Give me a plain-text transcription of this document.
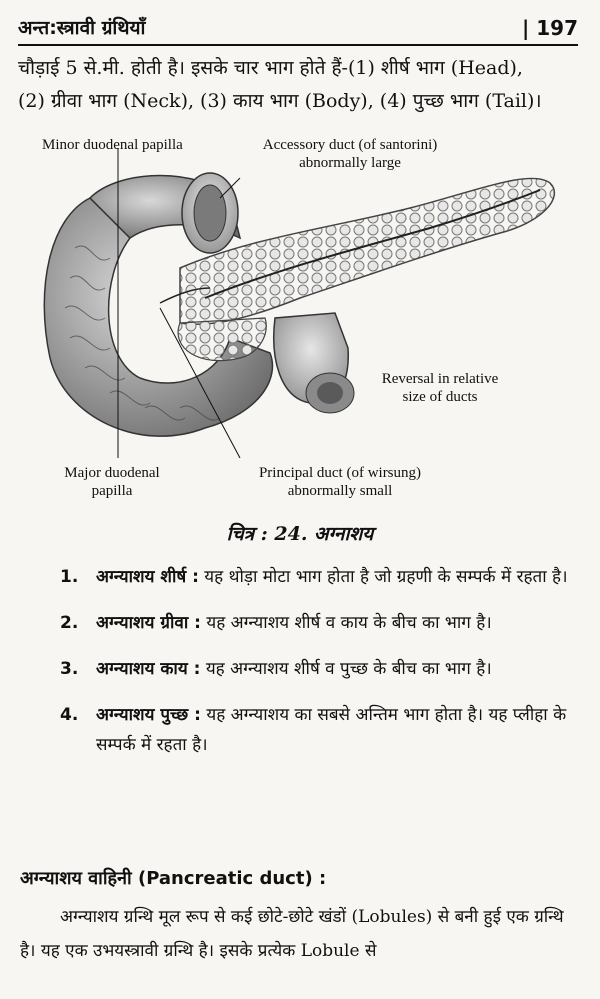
अन्त:स्त्रावी ग्रंथियाँ	| 197
चौड़ाई 5 से.मी. होती है। इसके चार भाग होते हैं-(1) शीर्ष भाग (Head),
(2) ग्रीवा भाग (Neck), (3) काय भाग (Body), (4) पुच्छ भाग (Tail)।
Minor duodenal papilla	Accessory duct (of santorini)
abnormally large
Reversal in relative
size of ducts
Major duodenal
papilla
Principal duct (of wirsung)
abnormally small
चित्र : 24. अग्नाशय
1.	अग्न्याशय शीर्ष : यह थोड़ा मोटा भाग होता है जो ग्रहणी के सम्पर्क में रहता है।
2.	अग्न्याशय ग्रीवा : यह अग्न्याशय शीर्ष व काय के बीच का भाग है।
3.	अग्न्याशय काय : यह अग्न्याशय शीर्ष व पुच्छ के बीच का भाग है।
4.	अग्न्याशय पुच्छ : यह अग्न्याशय का सबसे अन्तिम भाग होता है। यह प्लीहा के सम्पर्क में रहता है।
अग्न्याशय वाहिनी (Pancreatic duct) :
अग्न्याशय ग्रन्थि मूल रूप से कई छोटे-छोटे खंडों (Lobules) से बनी हुई एक ग्रन्थि है। यह एक उभयस्त्रावी ग्रन्थि है। इसके प्रत्येक Lobule से
